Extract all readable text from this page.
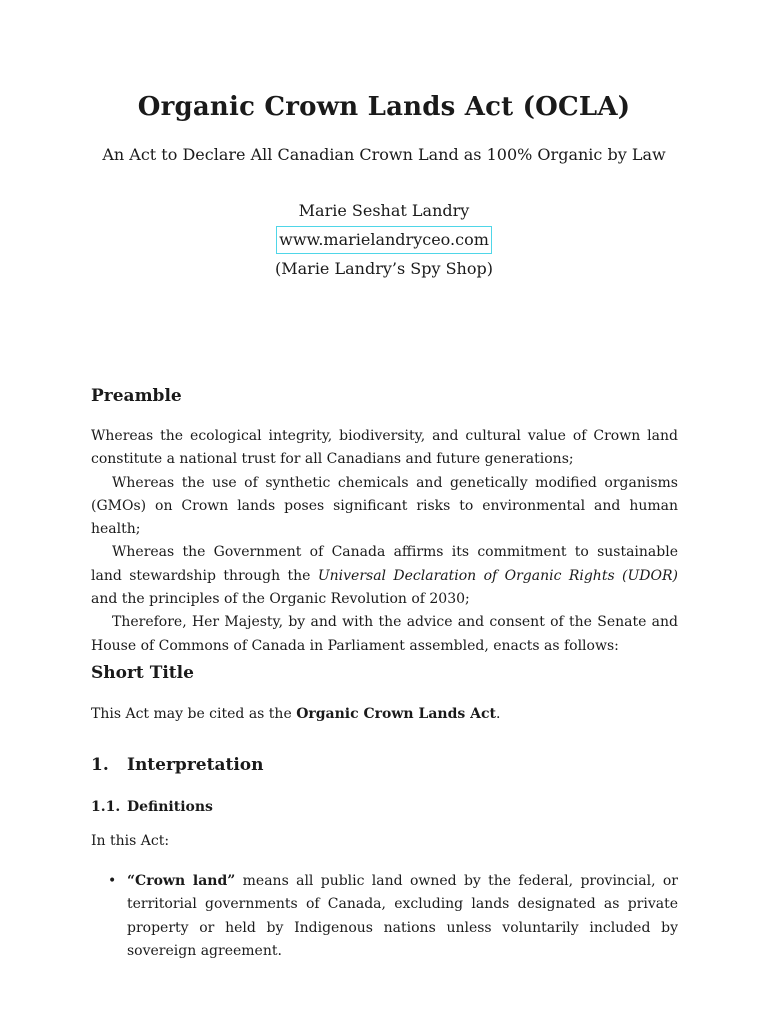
Organic Crown Lands Act (OCLA)
An Act to Declare All Canadian Crown Land as 100% Organic by Law
Marie Seshat Landry
www.marielandryceo.com
(Marie Landry’s Spy Shop)
Preamble

Whereas the ecological integrity, biodiversity, and cultural value of Crown land constitute a national trust for all Canadians and future generations;

Whereas the use of synthetic chemicals and genetically modified organisms (GMOs) on Crown lands poses significant risks to environmental and human health;

Whereas the Government of Canada affirms its commitment to sustainable land stewardship through the Universal Declaration of Organic Rights (UDOR) and the principles of the Organic Revolution of 2030;

Therefore, Her Majesty, by and with the advice and consent of the Senate and House of Commons of Canada in Parliament assembled, enacts as follows:

Short Title
This Act may be cited as the Organic Crown Lands Act.
1. Interpretation
1.1. Definitions
In this Act:
• “Crown land” means all public land owned by the federal, provincial, or territorial governments of Canada, excluding lands designated as private property or held by Indigenous nations unless voluntarily included by sovereign agreement.
